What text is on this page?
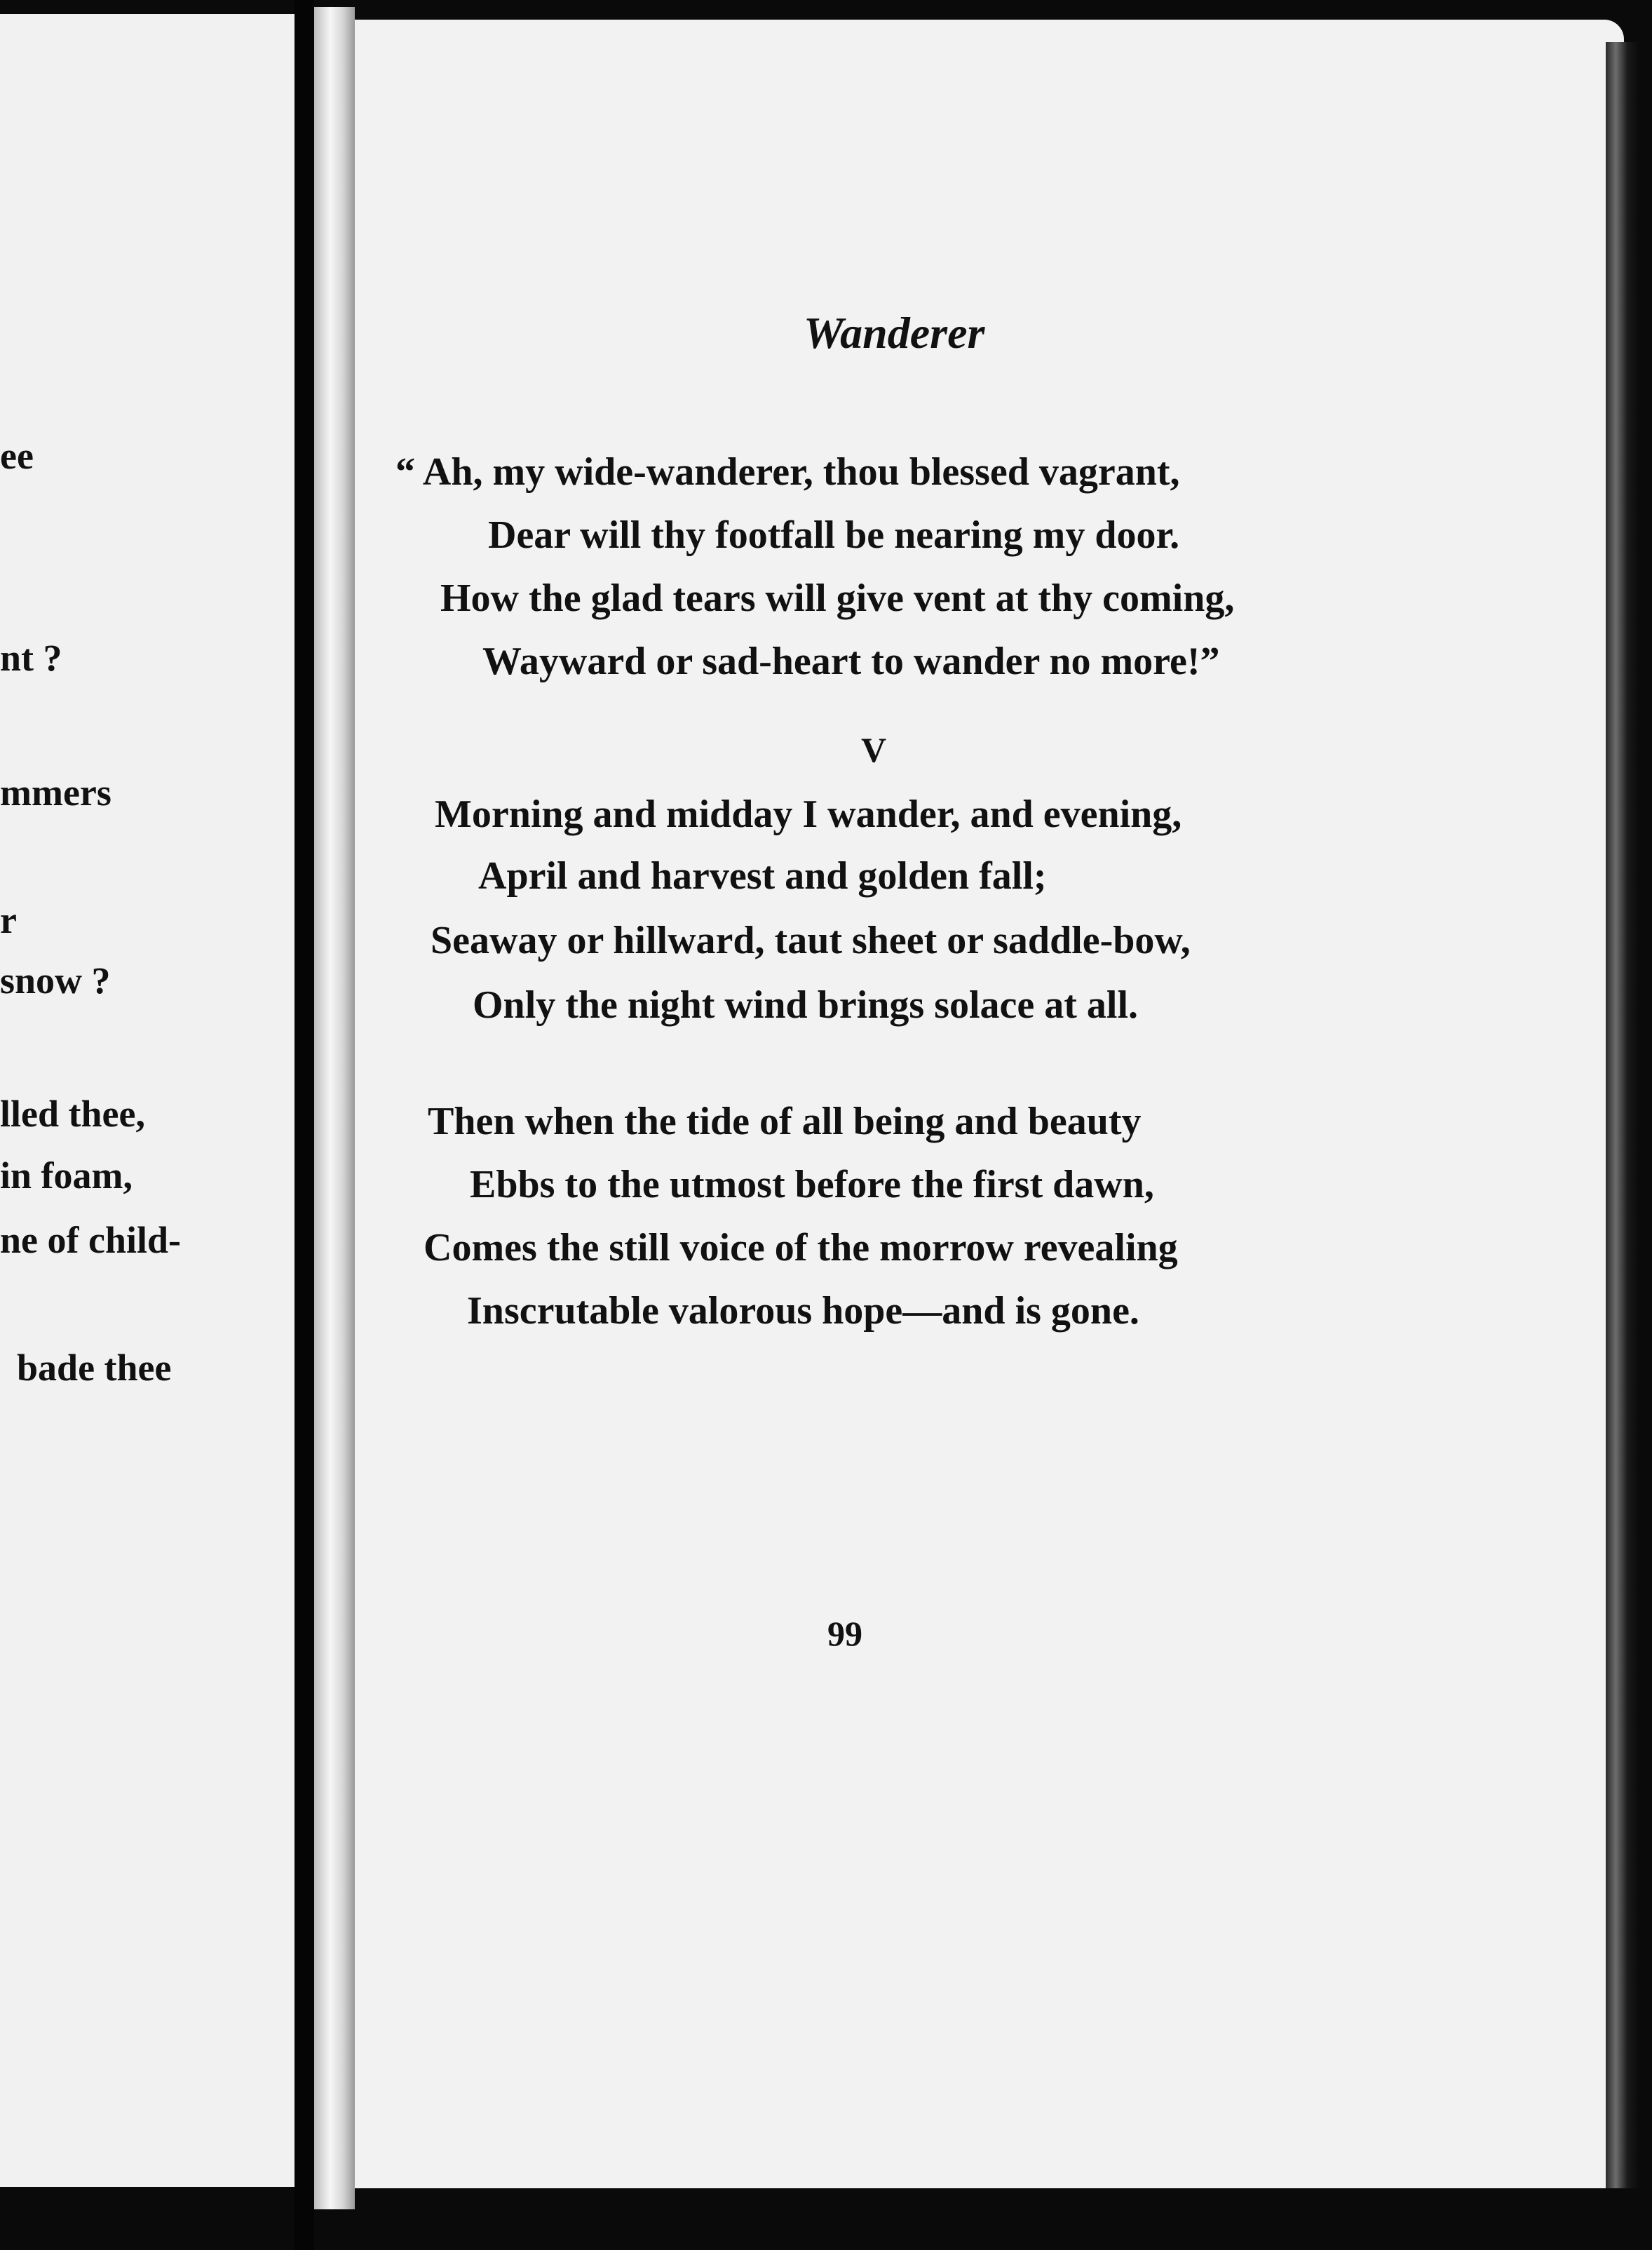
ee

nt ?

mmers

r

snow ?

lled thee,

in foam,

ne of child-

bade thee

Wanderer

“ Ah, my wide-wanderer, thou blessed vagrant,

Dear will thy footfall be nearing my door.

How the glad tears will give vent at thy coming,

Wayward or sad-heart to wander no more!”

V

Morning and midday I wander, and evening,

April and harvest and golden fall;

Seaway or hillward, taut sheet or saddle-bow,

Only the night wind brings solace at all.

Then when the tide of all being and beauty

Ebbs to the utmost before the first dawn,

Comes the still voice of the morrow revealing

Inscrutable valorous hope—and is gone.

99
